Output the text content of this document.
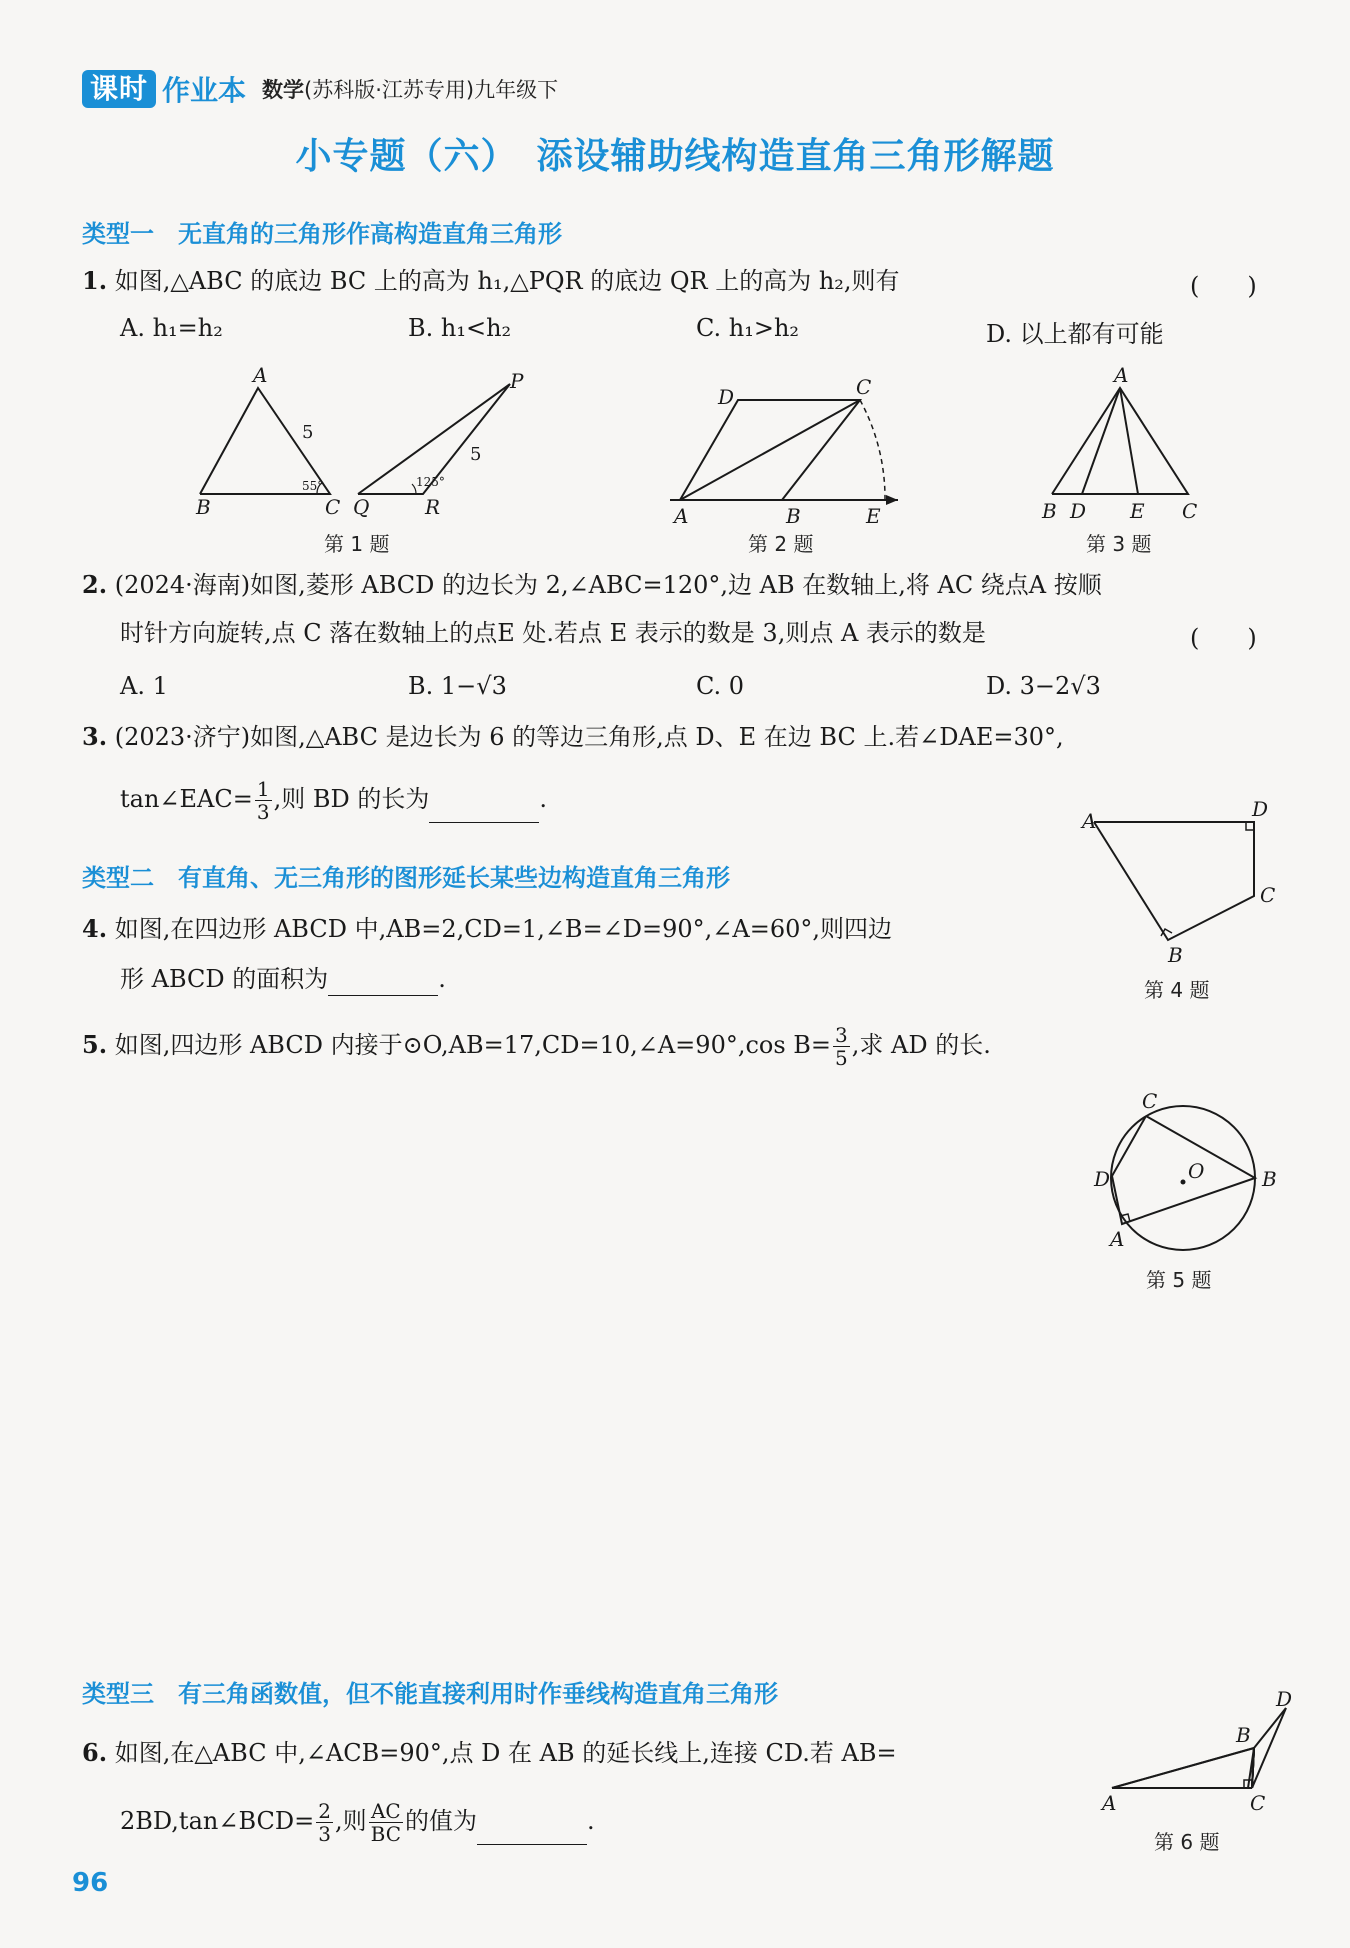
课时 作业本 数学(苏科版·江苏专用)九年级下
小专题（六）　添设辅助线构造直角三角形解题
类型一　无直角的三角形作高构造直角三角形
1. 如图,△ABC 的底边 BC 上的高为 h₁,△PQR 的底边 QR 上的高为 h₂,则有	(　　)
A. h₁=h₂	B. h₁<h₂	C. h₁>h₂	D. 以上都有可能
A
B	C
P
Q	R
5
5
55°	125°
第 1 题
A	B
C
D
E
第 2 题
A
B D E C
第 3 题
2. (2024·海南)如图,菱形 ABCD 的边长为 2,∠ABC=120°,边 AB 在数轴上,将 AC 绕点A 按顺
时针方向旋转,点 C 落在数轴上的点E 处.若点 E 表示的数是 3,则点 A 表示的数是	(　　)
A. 1	B. 1−√3	C. 0	D. 3−2√3
3. (2023·济宁)如图,△ABC 是边长为 6 的等边三角形,点 D、E 在边 BC 上.若∠DAE=30°,
tan∠EAC= $\frac{1}{3}$ ,则 BD 的长为	.
A	D
C
B
第 4 题
类型二　有直角、无三角形的图形延长某些边构造直角三角形
4. 如图,在四边形 ABCD 中,AB=2,CD=1,∠B=∠D=90°,∠A=60°,则四边
形 ABCD 的面积为	.
5. 如图,四边形 ABCD 内接于⊙O,AB=17,CD=10,∠A=90°,cos $B= \frac{3}{5}$ ,求 AD 的长.
C
D	O	B
A
第 5 题
类型三　有三角函数值，但不能直接利用时作垂线构造直角三角形
6. 如图,在△ABC 中,∠ACB=90°,点 D 在 AB 的延长线上,连接 CD.若 AB=
2BD,tan∠BCD= $\frac{2}{3}$ ,则 $\frac{AC}{BC}$ 的值为	.
A
B
C
D
第 6 题
96
